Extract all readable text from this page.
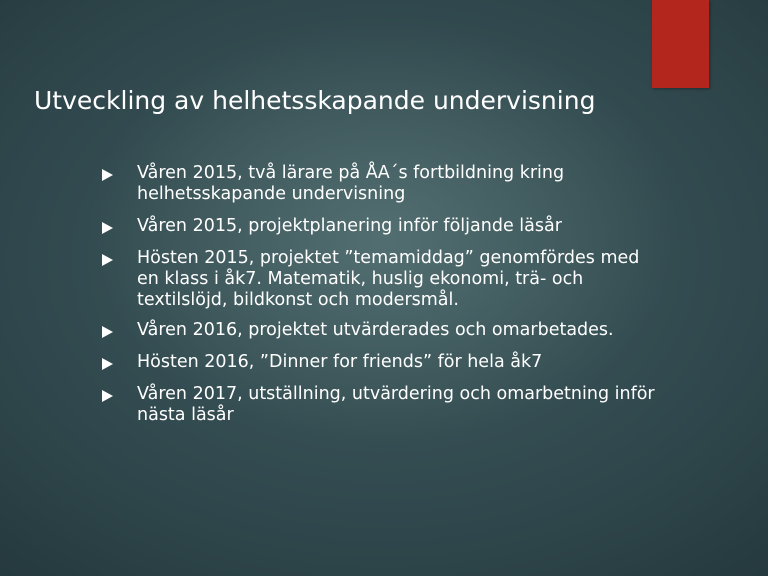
Utveckling av helhetsskapande undervisning
Våren 2015, två lärare på ÅA´s fortbildning kring helhetsskapande undervisning
Våren 2015, projektplanering inför följande läsår
Hösten 2015, projektet ”temamiddag” genomfördes med en klass i åk7. Matematik, huslig ekonomi, trä- och textilslöjd, bildkonst och modersmål.
Våren 2016, projektet utvärderades och omarbetades.
Hösten 2016, ”Dinner for friends” för hela åk7
Våren 2017, utställning, utvärdering och omarbetning inför nästa läsår
